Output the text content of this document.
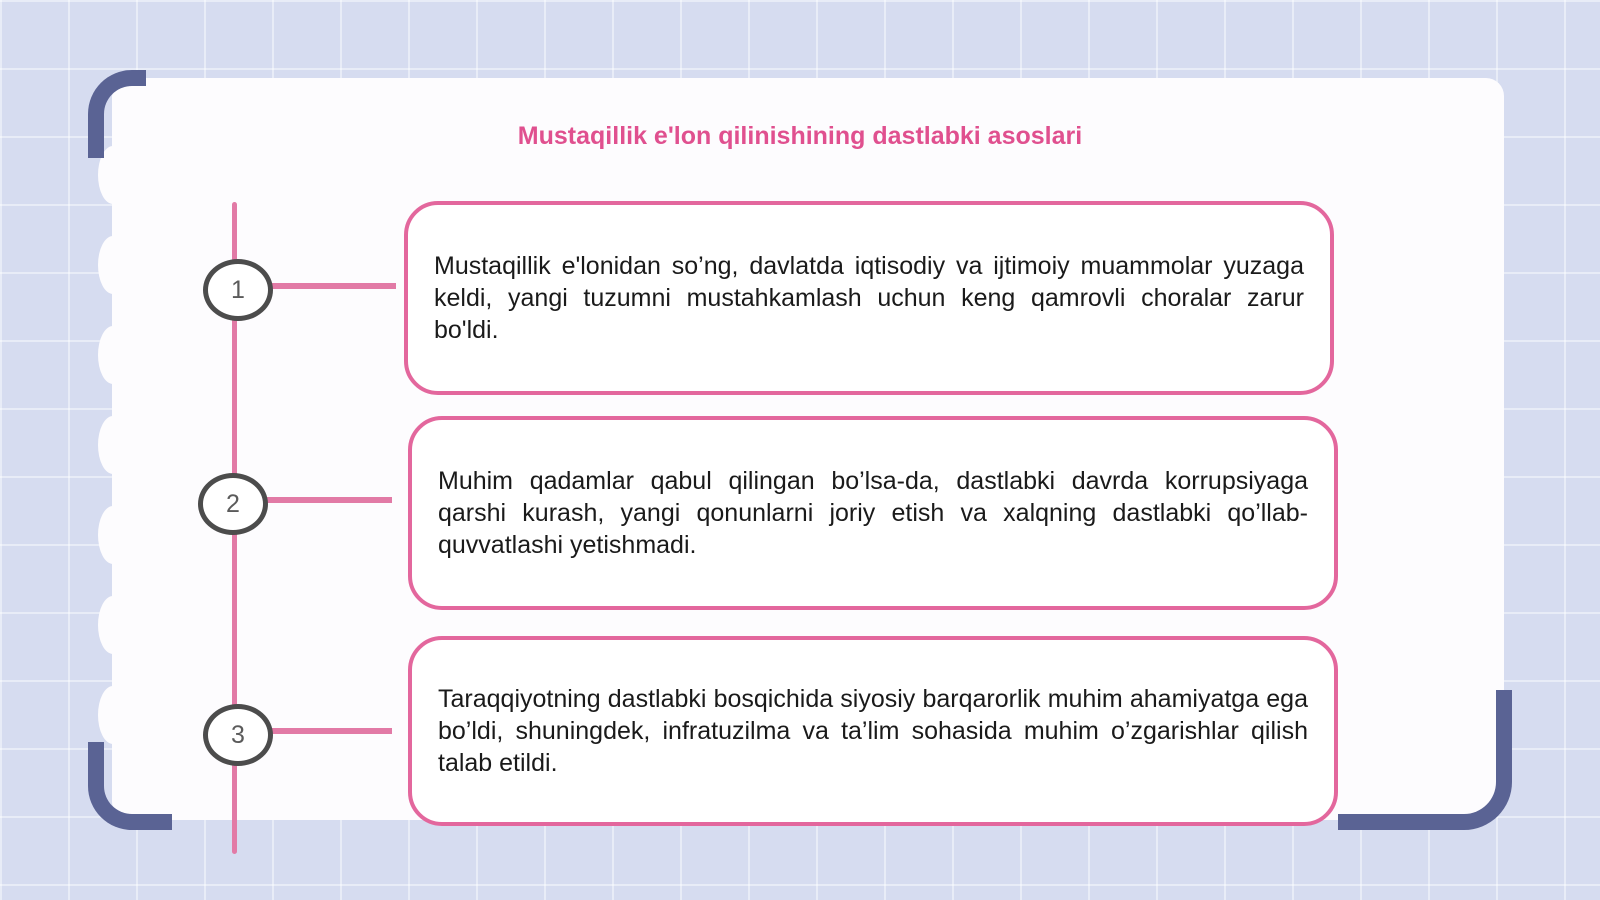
Mustaqillik e'lon qilinishining dastlabki asoslari
1
2
3

Mustaqillik e'lonidan so’ng, davlatda iqtisodiy va ijtimoiy muammolar yuzaga keldi, yangi tuzumni mustahkamlash uchun keng qamrovli choralar zarur bo'ldi.

Muhim qadamlar qabul qilingan bo’lsa-da, dastlabki davrda korrupsiyaga qarshi kurash, yangi qonunlarni joriy etish va xalqning dastlabki qo’llab-quvvatlashi yetishmadi.

Taraqqiyotning dastlabki bosqichida siyosiy barqarorlik muhim ahamiyatga ega bo’ldi, shuningdek, infratuzilma va ta’lim sohasida muhim o’zgarishlar qilish talab etildi.
